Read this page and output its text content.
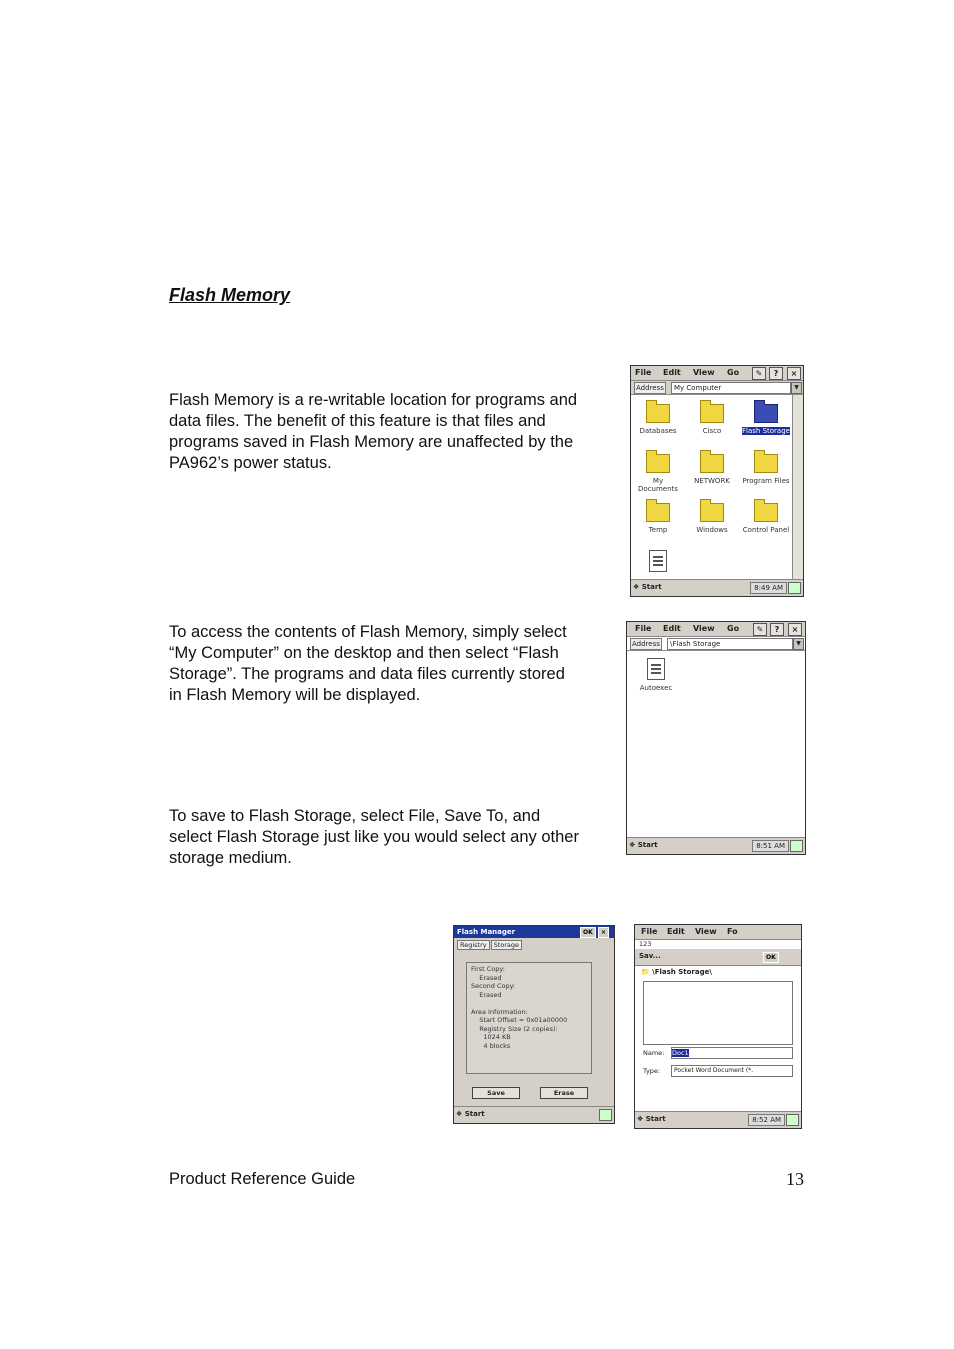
Flash Memory
Flash Memory is a re-writable location for programs and
data files. The benefit of this feature is that files and
programs saved in Flash Memory are unaffected by the
PA962’s power status.
To access the contents of Flash Memory, simply select
“My Computer” on the desktop and then select “Flash
Storage”. The programs and data files currently stored
in Flash Memory will be displayed.
To save to Flash Storage, select File, Save To, and
select Flash Storage just like you would select any other
storage medium.
File Edit View Go	✎	?	×
Address	My Computer	▼
Databases	Cisco	Flash Storage
My Documents
NETWORK	Program Files
Temp	Windows	Control Panel
❖ Start	8:49 AM
File Edit View Go	✎	?	×
Address	\Flash Storage	▼
Autoexec
❖ Start	8:51 AM
Flash Manager	OK	×
Registry Storage
First Copy:
Erased
Second Copy:
Erased

Area Information:
Start Offset = 0x01a00000
Registry Size (2 copies):
1024 KB
4 blocks
Save	Erase
❖ Start
File Edit View Fo
123
Sav...	OK
📁 \Flash Storage\
Name: Doc1
Type:	Pocket Word Document (*.
❖ Start	8:52 AM
Product Reference Guide	13
